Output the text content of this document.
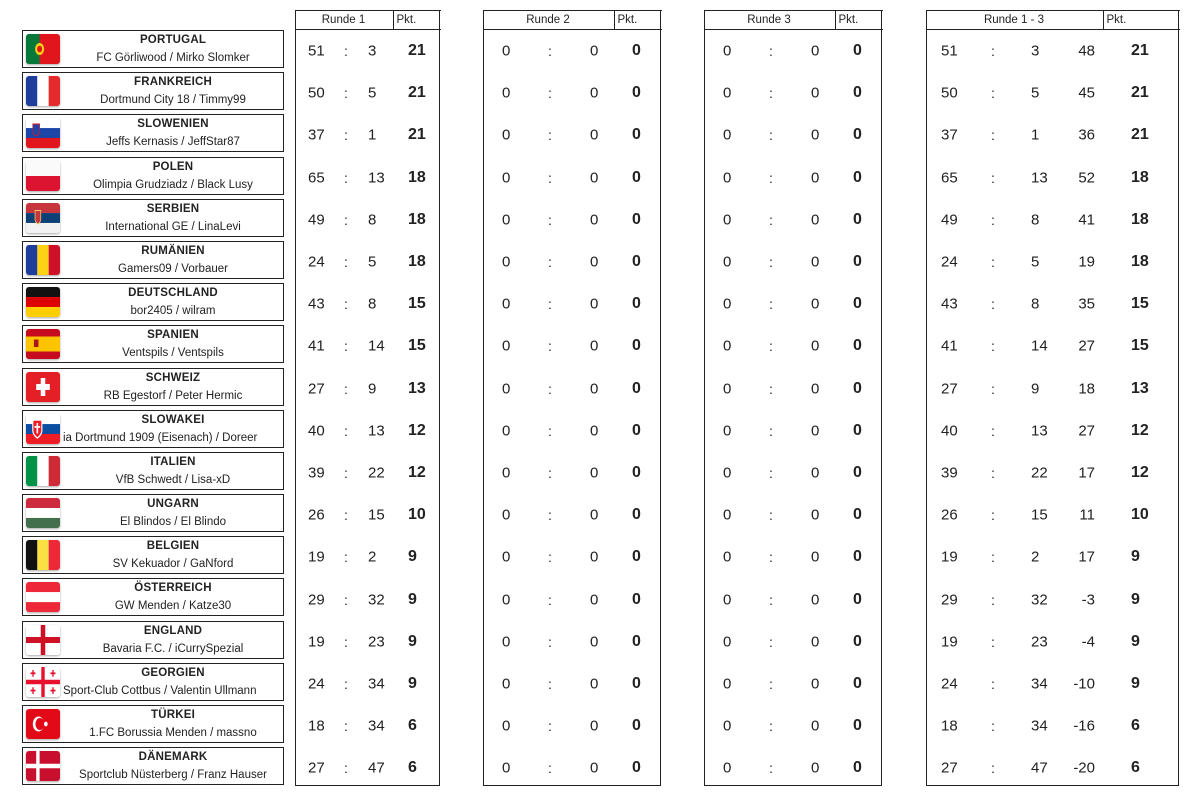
PORTUGAL
FC Görliwood / Mirko Slomker
FRANKREICH
Dortmund City 18 / Timmy99
SLOWENIEN
Jeffs Kernasis / JeffStar87
POLEN
Olimpia Grudziadz / Black Lusy
SERBIEN
International GE / LinaLevi
RUMÄNIEN
Gamers09 / Vorbauer
DEUTSCHLAND
bor2405 / wilram
SPANIEN
Ventspils / Ventspils
SCHWEIZ
RB Egestorf / Peter Hermic
SLOWAKEI
ia Dortmund 1909 (Eisenach) / Doreer
ITALIEN
VfB Schwedt / Lisa-xD
UNGARN
El Blindos / El Blindo
BELGIEN
SV Kekuador / GaNford
ÖSTERREICH
GW Menden / Katze30
ENGLAND
Bavaria F.C. / iCurrySpezial
GEORGIEN
Sport-Club Cottbus / Valentin Ullmann
TÜRKEI
1.FC Borussia Menden / massno
DÄNEMARK
Sportclub Nüsterberg / Franz Hauser
Runde 1	Pkt.
51 : 3 21
50 : 5 21
37 : 1 21
65 : 13 18
49 : 8 18
24 : 5 18
43 : 8 15
41 : 14 15
27 : 9 13
40 : 13 12
39 : 22 12
26 : 15 10
19 : 2 9
29 : 32 9
19 : 23 9
24 : 34 9
18 : 34 6
27 : 47 6
Runde 2	Pkt.
0	:	0 0
0	:	0 0
0	:	0 0
0	:	0 0
0	:	0 0
0	:	0 0
0	:	0 0
0	:	0 0
0	:	0 0
0	:	0 0
0	:	0 0
0	:	0 0
0	:	0 0
0	:	0 0
0	:	0 0
0	:	0 0
0	:	0 0
0	:	0 0
Runde 3	Pkt.
0	:	0 0
0	:	0 0
0	:	0 0
0	:	0 0
0	:	0 0
0	:	0 0
0	:	0 0
0	:	0 0
0	:	0 0
0	:	0 0
0	:	0 0
0	:	0 0
0	:	0 0
0	:	0 0
0	:	0 0
0	:	0 0
0	:	0 0
0	:	0 0
Runde 1 - 3	Pkt.
51 : 3	48 21
50 : 5	45 21
37 : 1	36 21
65 : 13 52 18
49 : 8	41 18
24 : 5	19 18
43 : 8	35 15
41 : 14 27 15
27 : 9	18 13
40 : 13 27 12
39 : 22 17 12
26 : 15 11 10
19 : 2	17 9
29 : 32 -3 9
19 : 23 -4 9
24 : 34 -10 9
18 : 34 -16 6
27 : 47 -20 6
